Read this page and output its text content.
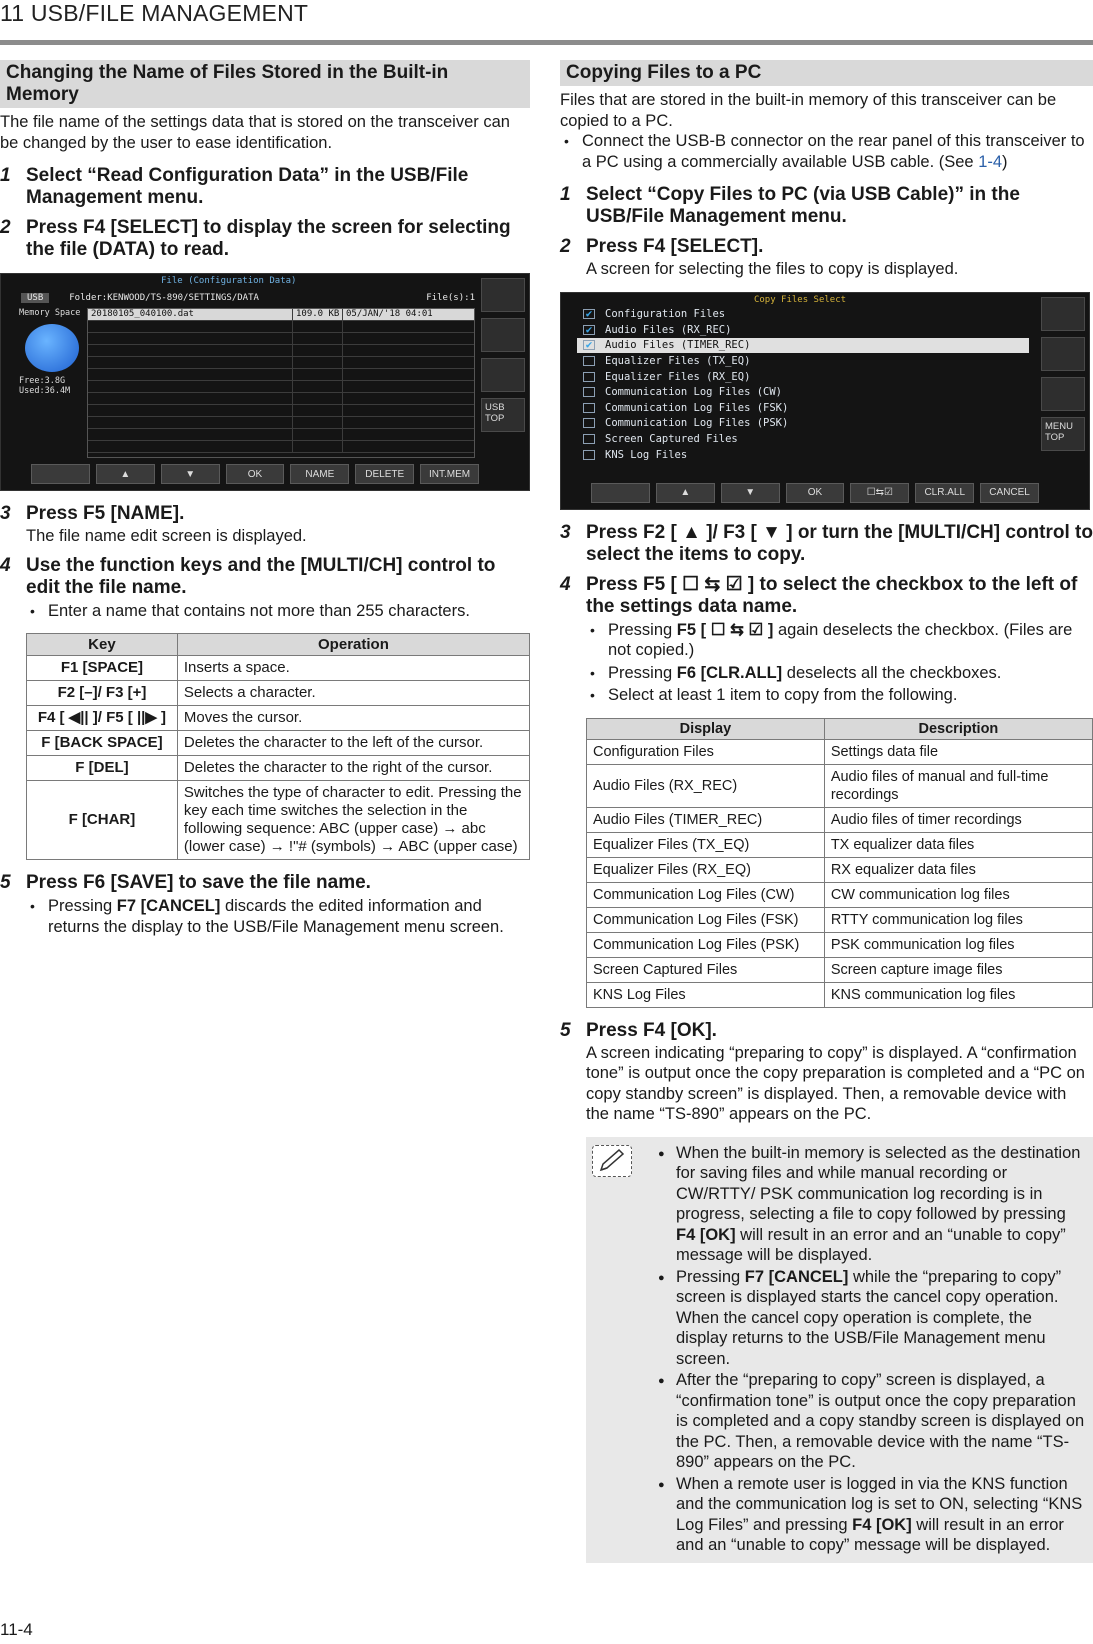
11 USB/FILE MANAGEMENT
Changing the Name of Files Stored in the Built-in Memory
The file name of the settings data that is stored on the transceiver can be changed by the user to ease identification.
1 Select “Read Configuration Data” in the USB/File Management menu.
2 Press F4 [SELECT] to display the screen for selecting the file (DATA) to read.
File (Configuration Data)
USB	Folder:KENWOOD/TS-890/SETTINGS/DATA	File(s):1
Memory Space
Free:3.8G
Used:36.4M
20180105_040100.dat	109.0 KB 05/JAN/'18 04:01
USB TOP
▲	▼	OK	NAME	DELETE	INT.MEM
3 Press F5 [NAME].
The file name edit screen is displayed.
4 Use the function keys and the [MULTI/CH] control to edit the file name.
• Enter a name that contains not more than 255 characters.
Key	Operation
F1 [SPACE]	Inserts a space.
F2 [–]/ F3 [+]	Selects a character.
F4 [ ◀|| ]/ F5 [ ||▶ ]	Moves the cursor.
F [BACK SPACE]	Deletes the character to the left of the cursor.
F [DEL]	Deletes the character to the right of the cursor.
F [CHAR]	Switches the type of character to edit. Pressing the key each time switches the selection in the following sequence: ABC (upper case) → abc (lower case) → !"# (symbols) → ABC (upper case)
5 Press F6 [SAVE] to save the file name.
• Pressing F7 [CANCEL] discards the edited information and returns the display to the USB/File Management menu screen.
Copying Files to a PC
Files that are stored in the built-in memory of this transceiver can be copied to a PC.
• Connect the USB-B connector on the rear panel of this transceiver to a PC using a commercially available USB cable. (See 1-4)
1 Select “Copy Files to PC (via USB Cable)” in the USB/File Management menu.
2 Press F4 [SELECT].
A screen for selecting the files to copy is displayed.
Copy Files Select
✔ Configuration Files
✔ Audio Files (RX_REC)
✔ Audio Files (TIMER_REC)
Equalizer Files (TX_EQ)
Equalizer Files (RX_EQ)
Communication Log Files (CW)
Communication Log Files (FSK)
Communication Log Files (PSK)
Screen Captured Files
KNS Log Files
MENU TOP
▲	▼	OK	☐⇆☑	CLR.ALL	CANCEL
3 Press F2 [ ▲ ]/ F3 [ ▼ ] or turn the [MULTI/CH] control to select the items to copy.
4 Press F5 [ ☐ ⇆ ☑ ] to select the checkbox to the left of the settings data name.
• Pressing F5 [ ☐ ⇆ ☑ ] again deselects the checkbox. (Files are not copied.)
• Pressing F6 [CLR.ALL] deselects all the checkboxes.
• Select at least 1 item to copy from the following.
Display	Description
Configuration Files	Settings data file
Audio Files (RX_REC)	Audio files of manual and full-time recordings
Audio Files (TIMER_REC)	Audio files of timer recordings
Equalizer Files (TX_EQ)	TX equalizer data files
Equalizer Files (RX_EQ)	RX equalizer data files
Communication Log Files (CW)	CW communication log files
Communication Log Files (FSK)	RTTY communication log files
Communication Log Files (PSK)	PSK communication log files
Screen Captured Files	Screen capture image files
KNS Log Files	KNS communication log files
5 Press F4 [OK].
A screen indicating “preparing to copy” is displayed. A “confirmation tone” is output once the copy preparation is completed and a “PC on copy standby screen” is displayed. Then, a removable device with the name “TS-890” appears on the PC.
● When the built-in memory is selected as the destination for saving files and while manual recording or CW/RTTY/ PSK communication log recording is in progress, selecting a file to copy followed by pressing F4 [OK] will result in an error and an “unable to copy” message will be displayed.
● Pressing F7 [CANCEL] while the “preparing to copy” screen is displayed starts the cancel copy operation. When the cancel copy operation is complete, the display returns to the USB/File Management menu screen.
● After the “preparing to copy” screen is displayed, a “confirmation tone” is output once the copy preparation is completed and a copy standby screen is displayed on the PC. Then, a removable device with the name “TS-890” appears on the PC.
● When a remote user is logged in via the KNS function and the communication log is set to ON, selecting “KNS Log Files” and pressing F4 [OK] will result in an error and an “unable to copy” message will be displayed.
11-4
